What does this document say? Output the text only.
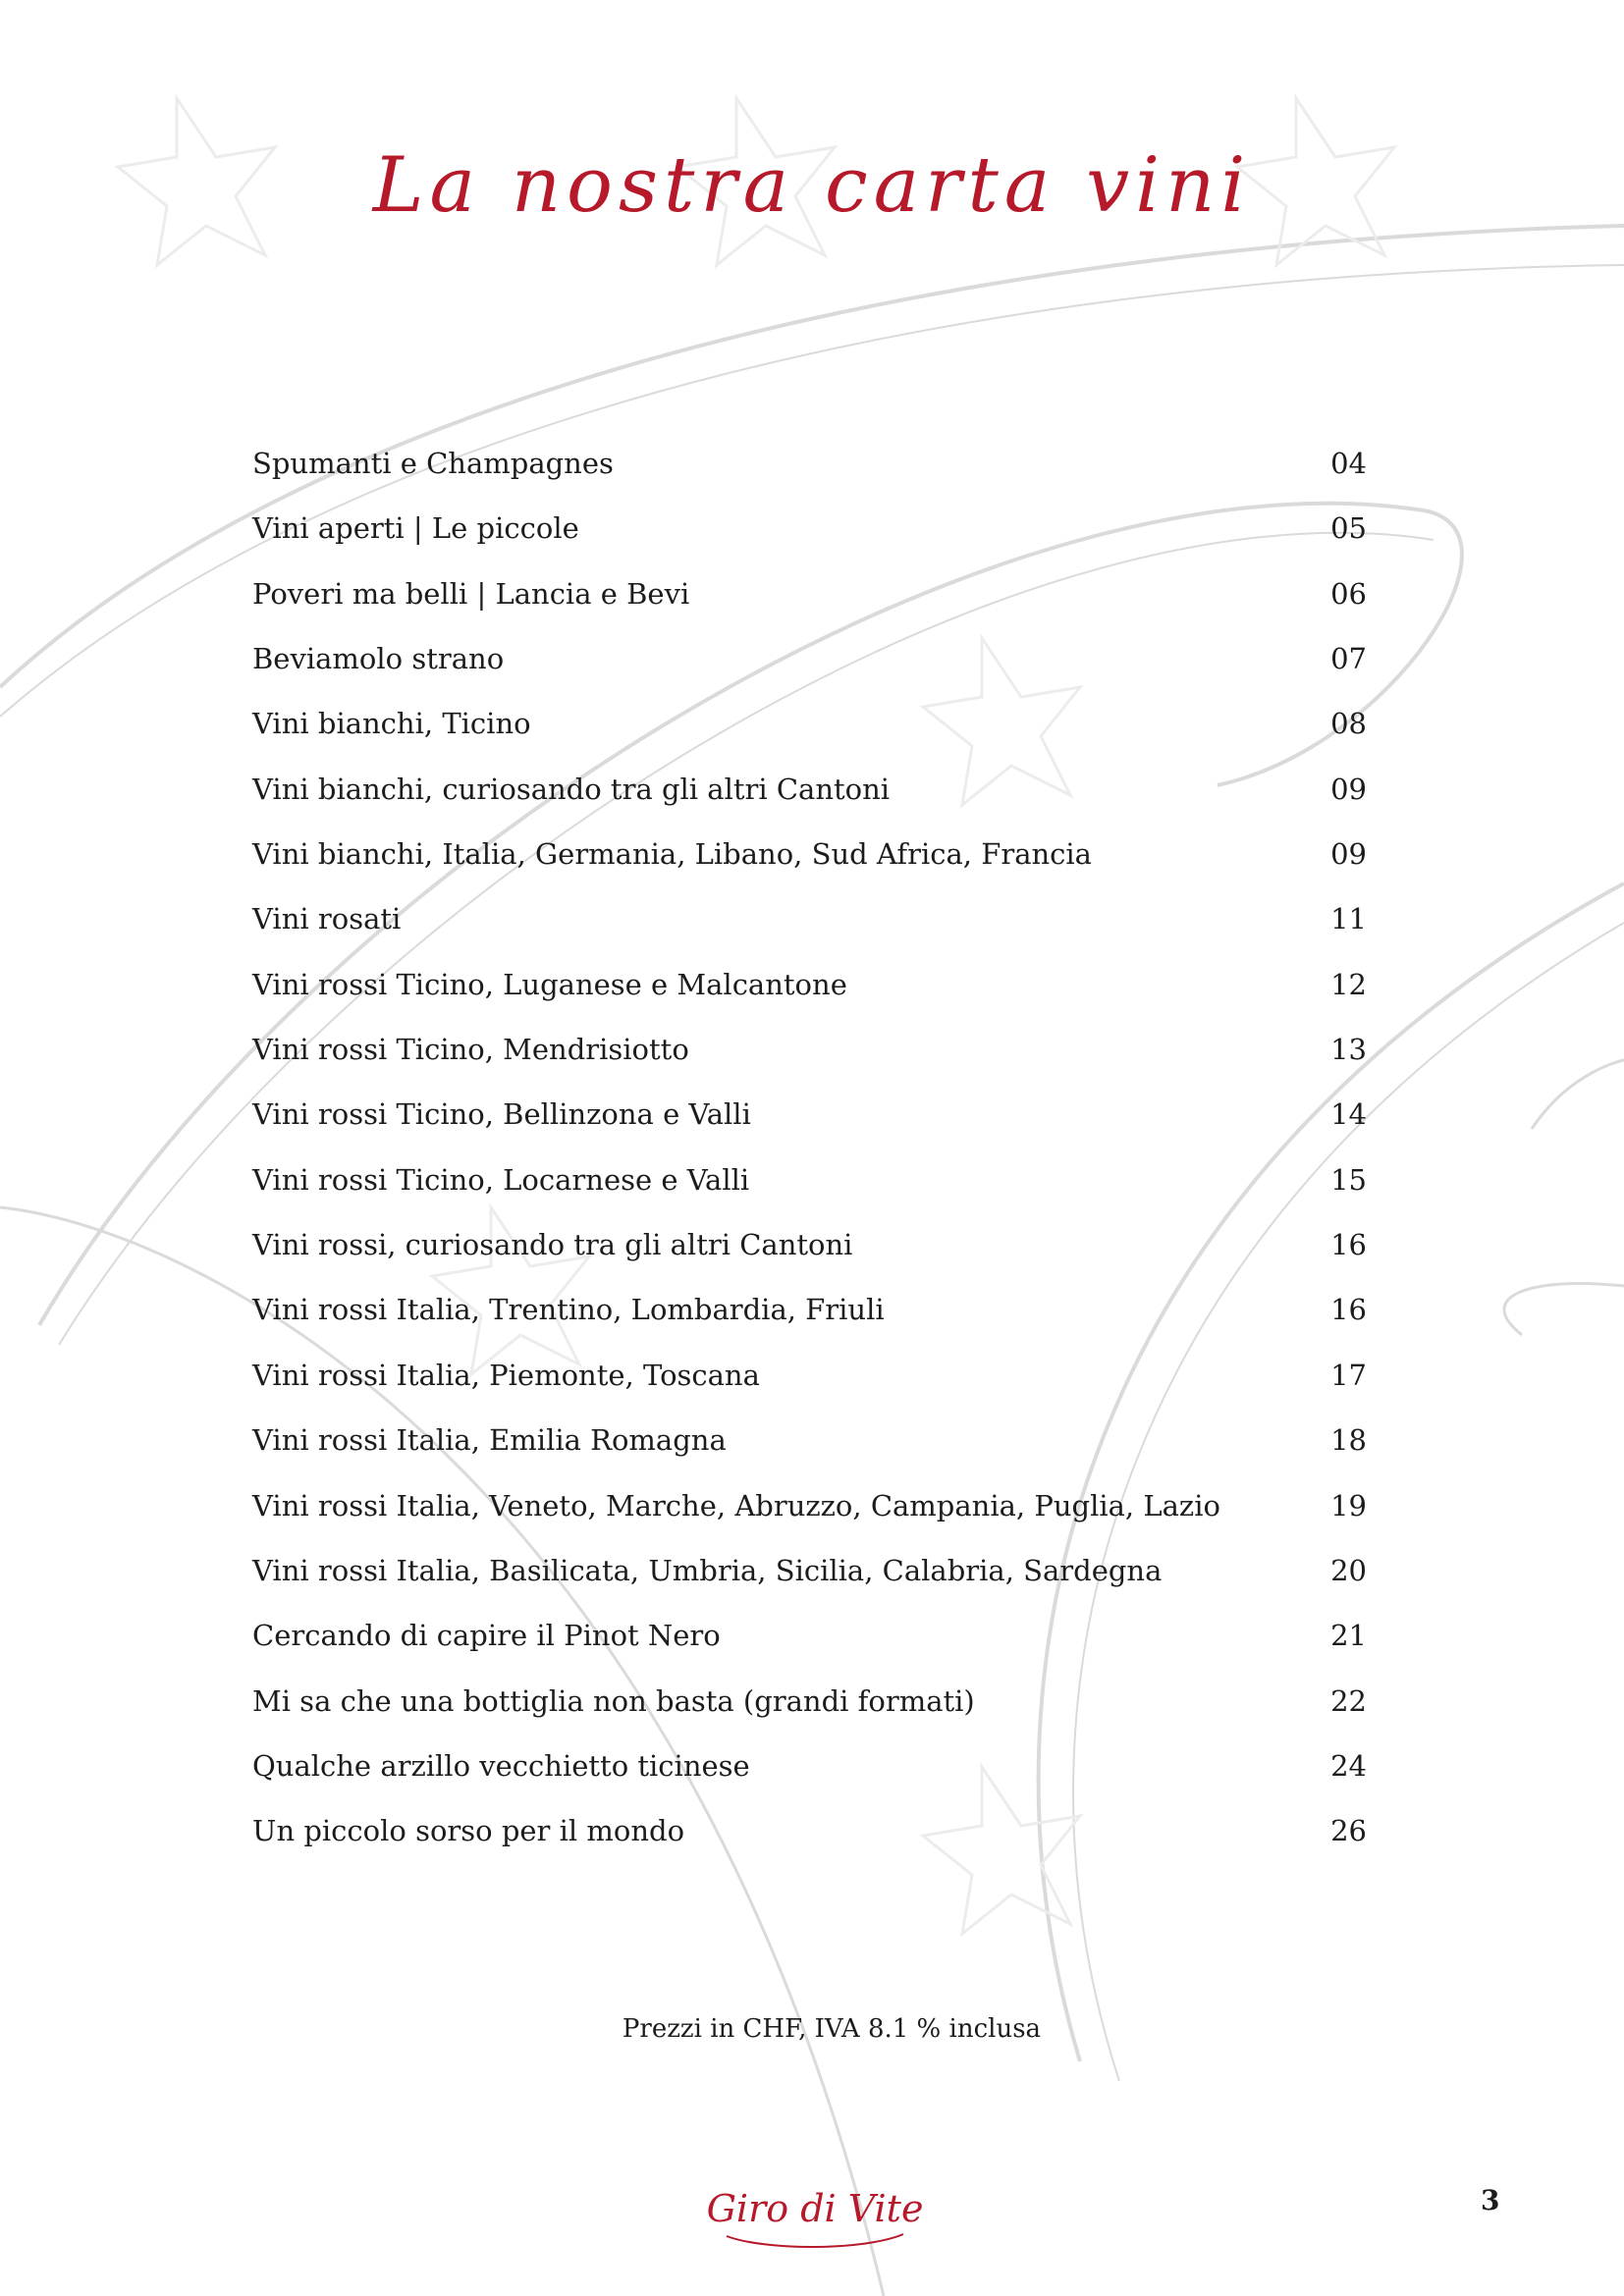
La nostra carta vini
Spumanti e Champagnes	04
Vini aperti | Le piccole	05
Poveri ma belli | Lancia e Bevi	06
Beviamolo strano	07
Vini bianchi, Ticino	08
Vini bianchi, curiosando tra gli altri Cantoni	09
Vini bianchi, Italia, Germania, Libano, Sud Africa, Francia	09
Vini rosati	11
Vini rossi Ticino, Luganese e Malcantone	12
Vini rossi Ticino, Mendrisiotto	13
Vini rossi Ticino, Bellinzona e Valli	14
Vini rossi Ticino, Locarnese e Valli	15
Vini rossi, curiosando tra gli altri Cantoni	16
Vini rossi Italia, Trentino, Lombardia, Friuli	16
Vini rossi Italia, Piemonte, Toscana	17
Vini rossi Italia, Emilia Romagna	18
Vini rossi Italia, Veneto, Marche, Abruzzo, Campania, Puglia, Lazio	19
Vini rossi Italia, Basilicata, Umbria, Sicilia, Calabria, Sardegna	20
Cercando di capire il Pinot Nero	21
Mi sa che una bottiglia non basta (grandi formati)	22
Qualche arzillo vecchietto ticinese	24
Un piccolo sorso per il mondo	26
Prezzi in CHF, IVA 8.1 % inclusa
Giro di Vite	3
